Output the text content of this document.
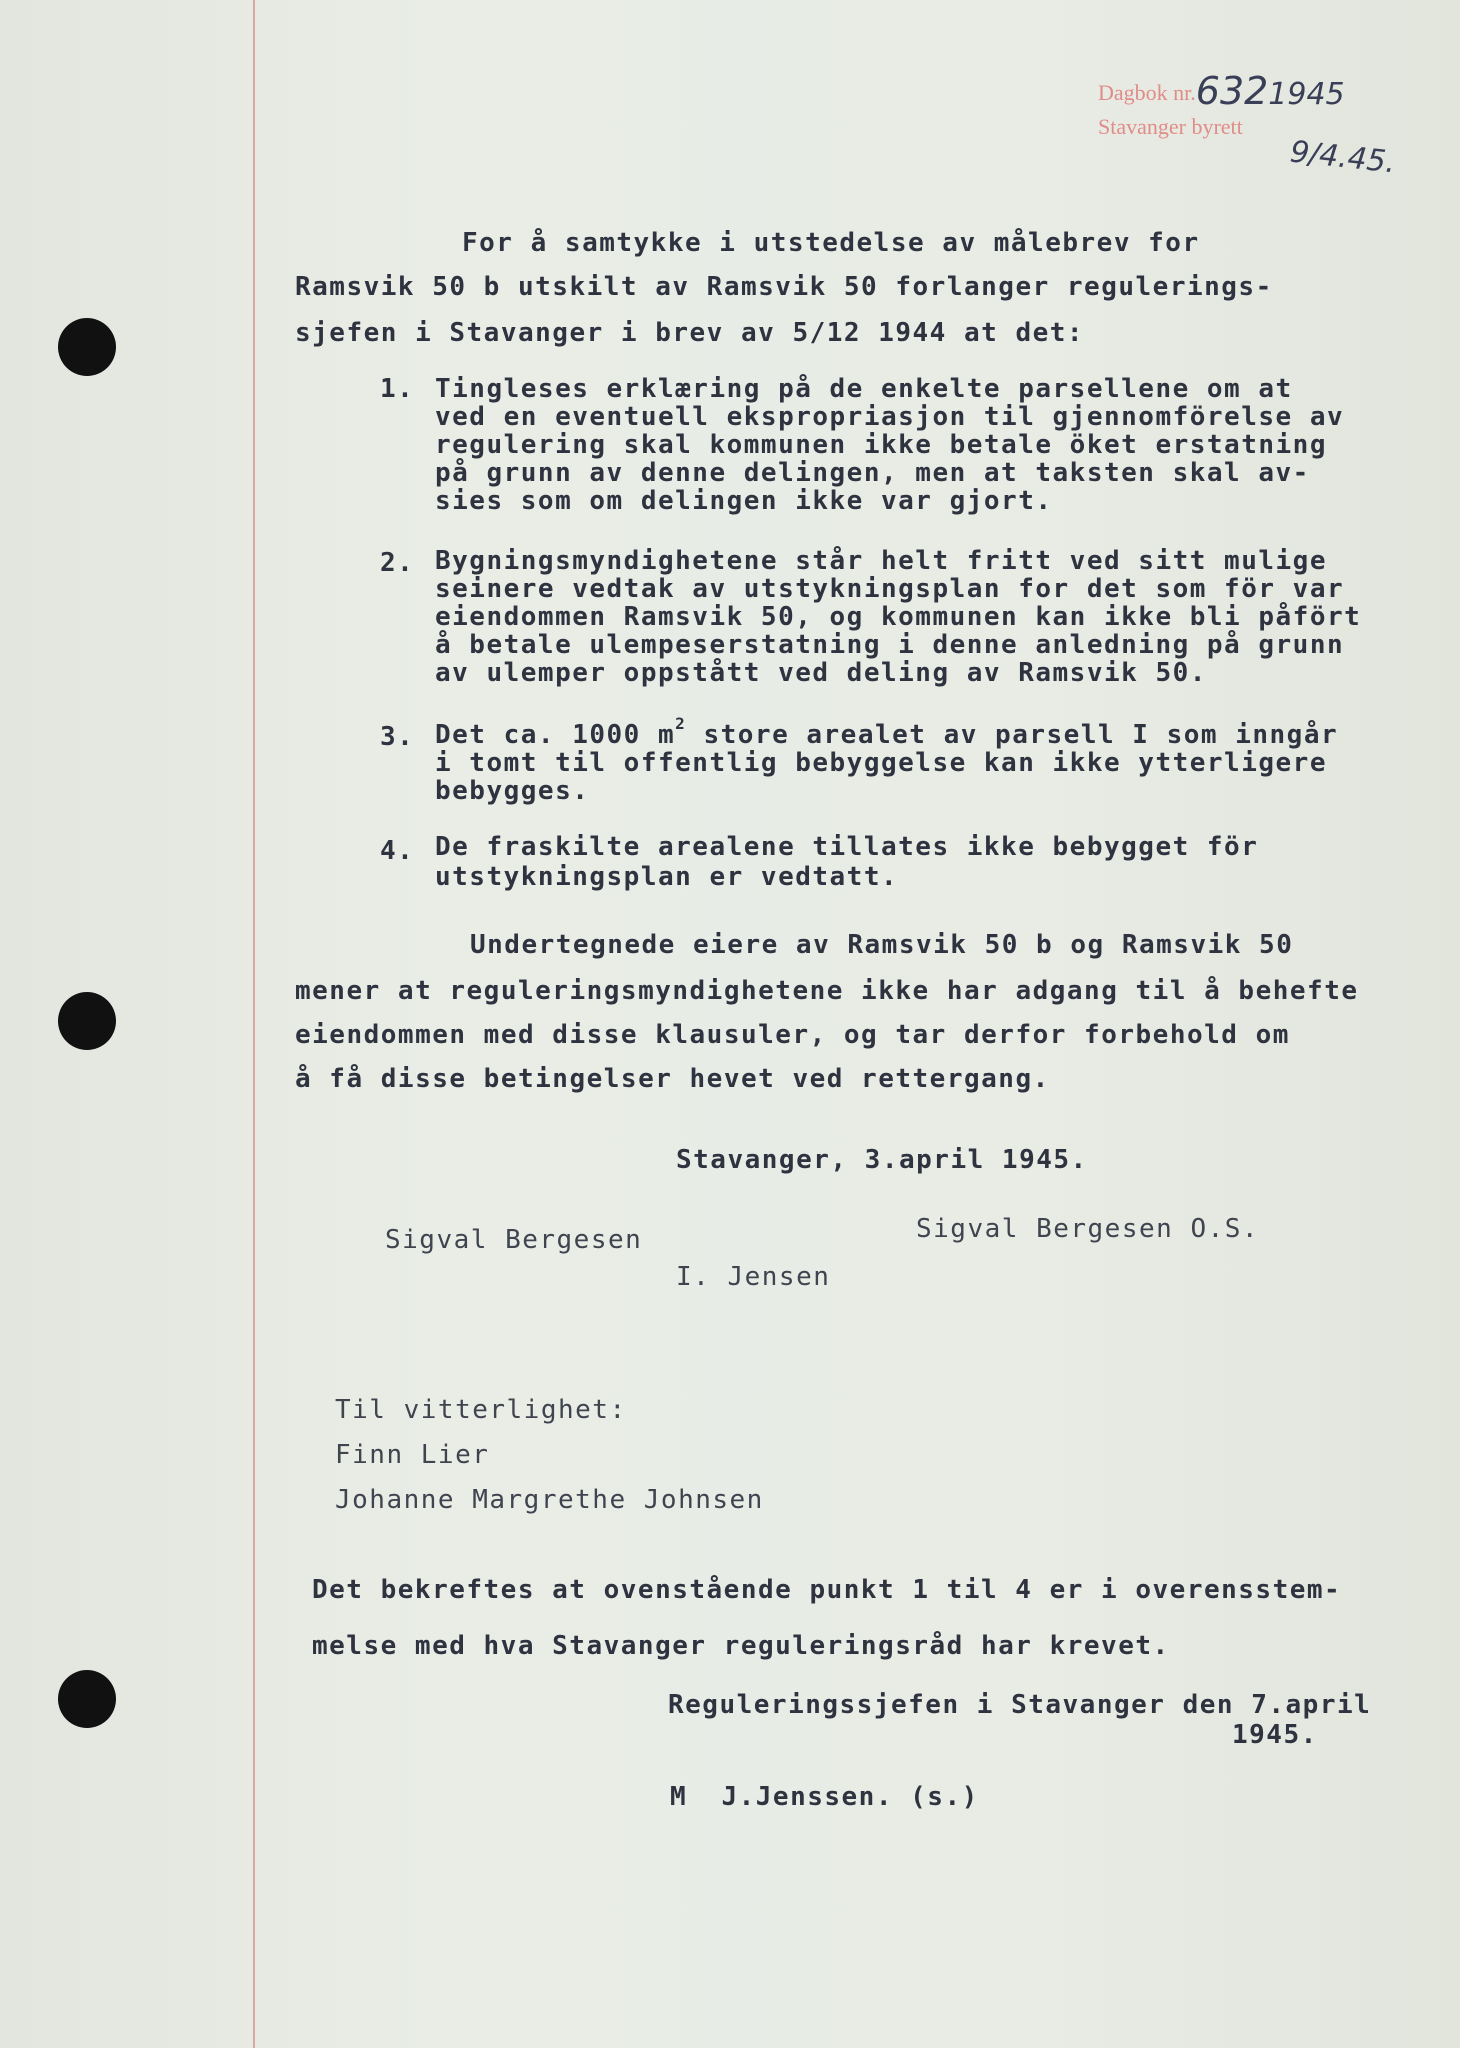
Dagbok nr.6321945
Stavanger byrett
9/4.45.
For å samtykke i utstedelse av målebrev for
Ramsvik 50 b utskilt av Ramsvik 50 forlanger regulerings-
sjefen i Stavanger i brev av 5/12 1944 at det:
1. Tingleses erklæring på de enkelte parsellene om at
ved en eventuell ekspropriasjon til gjennomförelse av
regulering skal kommunen ikke betale öket erstatning
på grunn av denne delingen, men at taksten skal av-
sies som om delingen ikke var gjort.
2. Bygningsmyndighetene står helt fritt ved sitt mulige
seinere vedtak av utstykningsplan for det som för var
eiendommen Ramsvik 50, og kommunen kan ikke bli påfört
å betale ulempeserstatning i denne anledning på grunn
av ulemper oppstått ved deling av Ramsvik 50.
3. Det ca. 1000 $m^2$ store arealet av parsell I som inngår
i tomt til offentlig bebyggelse kan ikke ytterligere
bebygges.
4. De fraskilte arealene tillates ikke bebygget för
utstykningsplan er vedtatt.
Undertegnede eiere av Ramsvik 50 b og Ramsvik 50
mener at reguleringsmyndighetene ikke har adgang til å behefte
eiendommen med disse klausuler, og tar derfor forbehold om
å få disse betingelser hevet ved rettergang.
Stavanger, 3.april 1945.
Sigval Bergesen	Sigval Bergesen O.S.
I. Jensen
Til vitterlighet:
Finn Lier
Johanne Margrethe Johnsen
Det bekreftes at ovenstående punkt 1 til 4 er i overensstem-
melse med hva Stavanger reguleringsråd har krevet.
Reguleringssjefen i Stavanger den 7.april
1945.
M  J.Jenssen. (s.)
